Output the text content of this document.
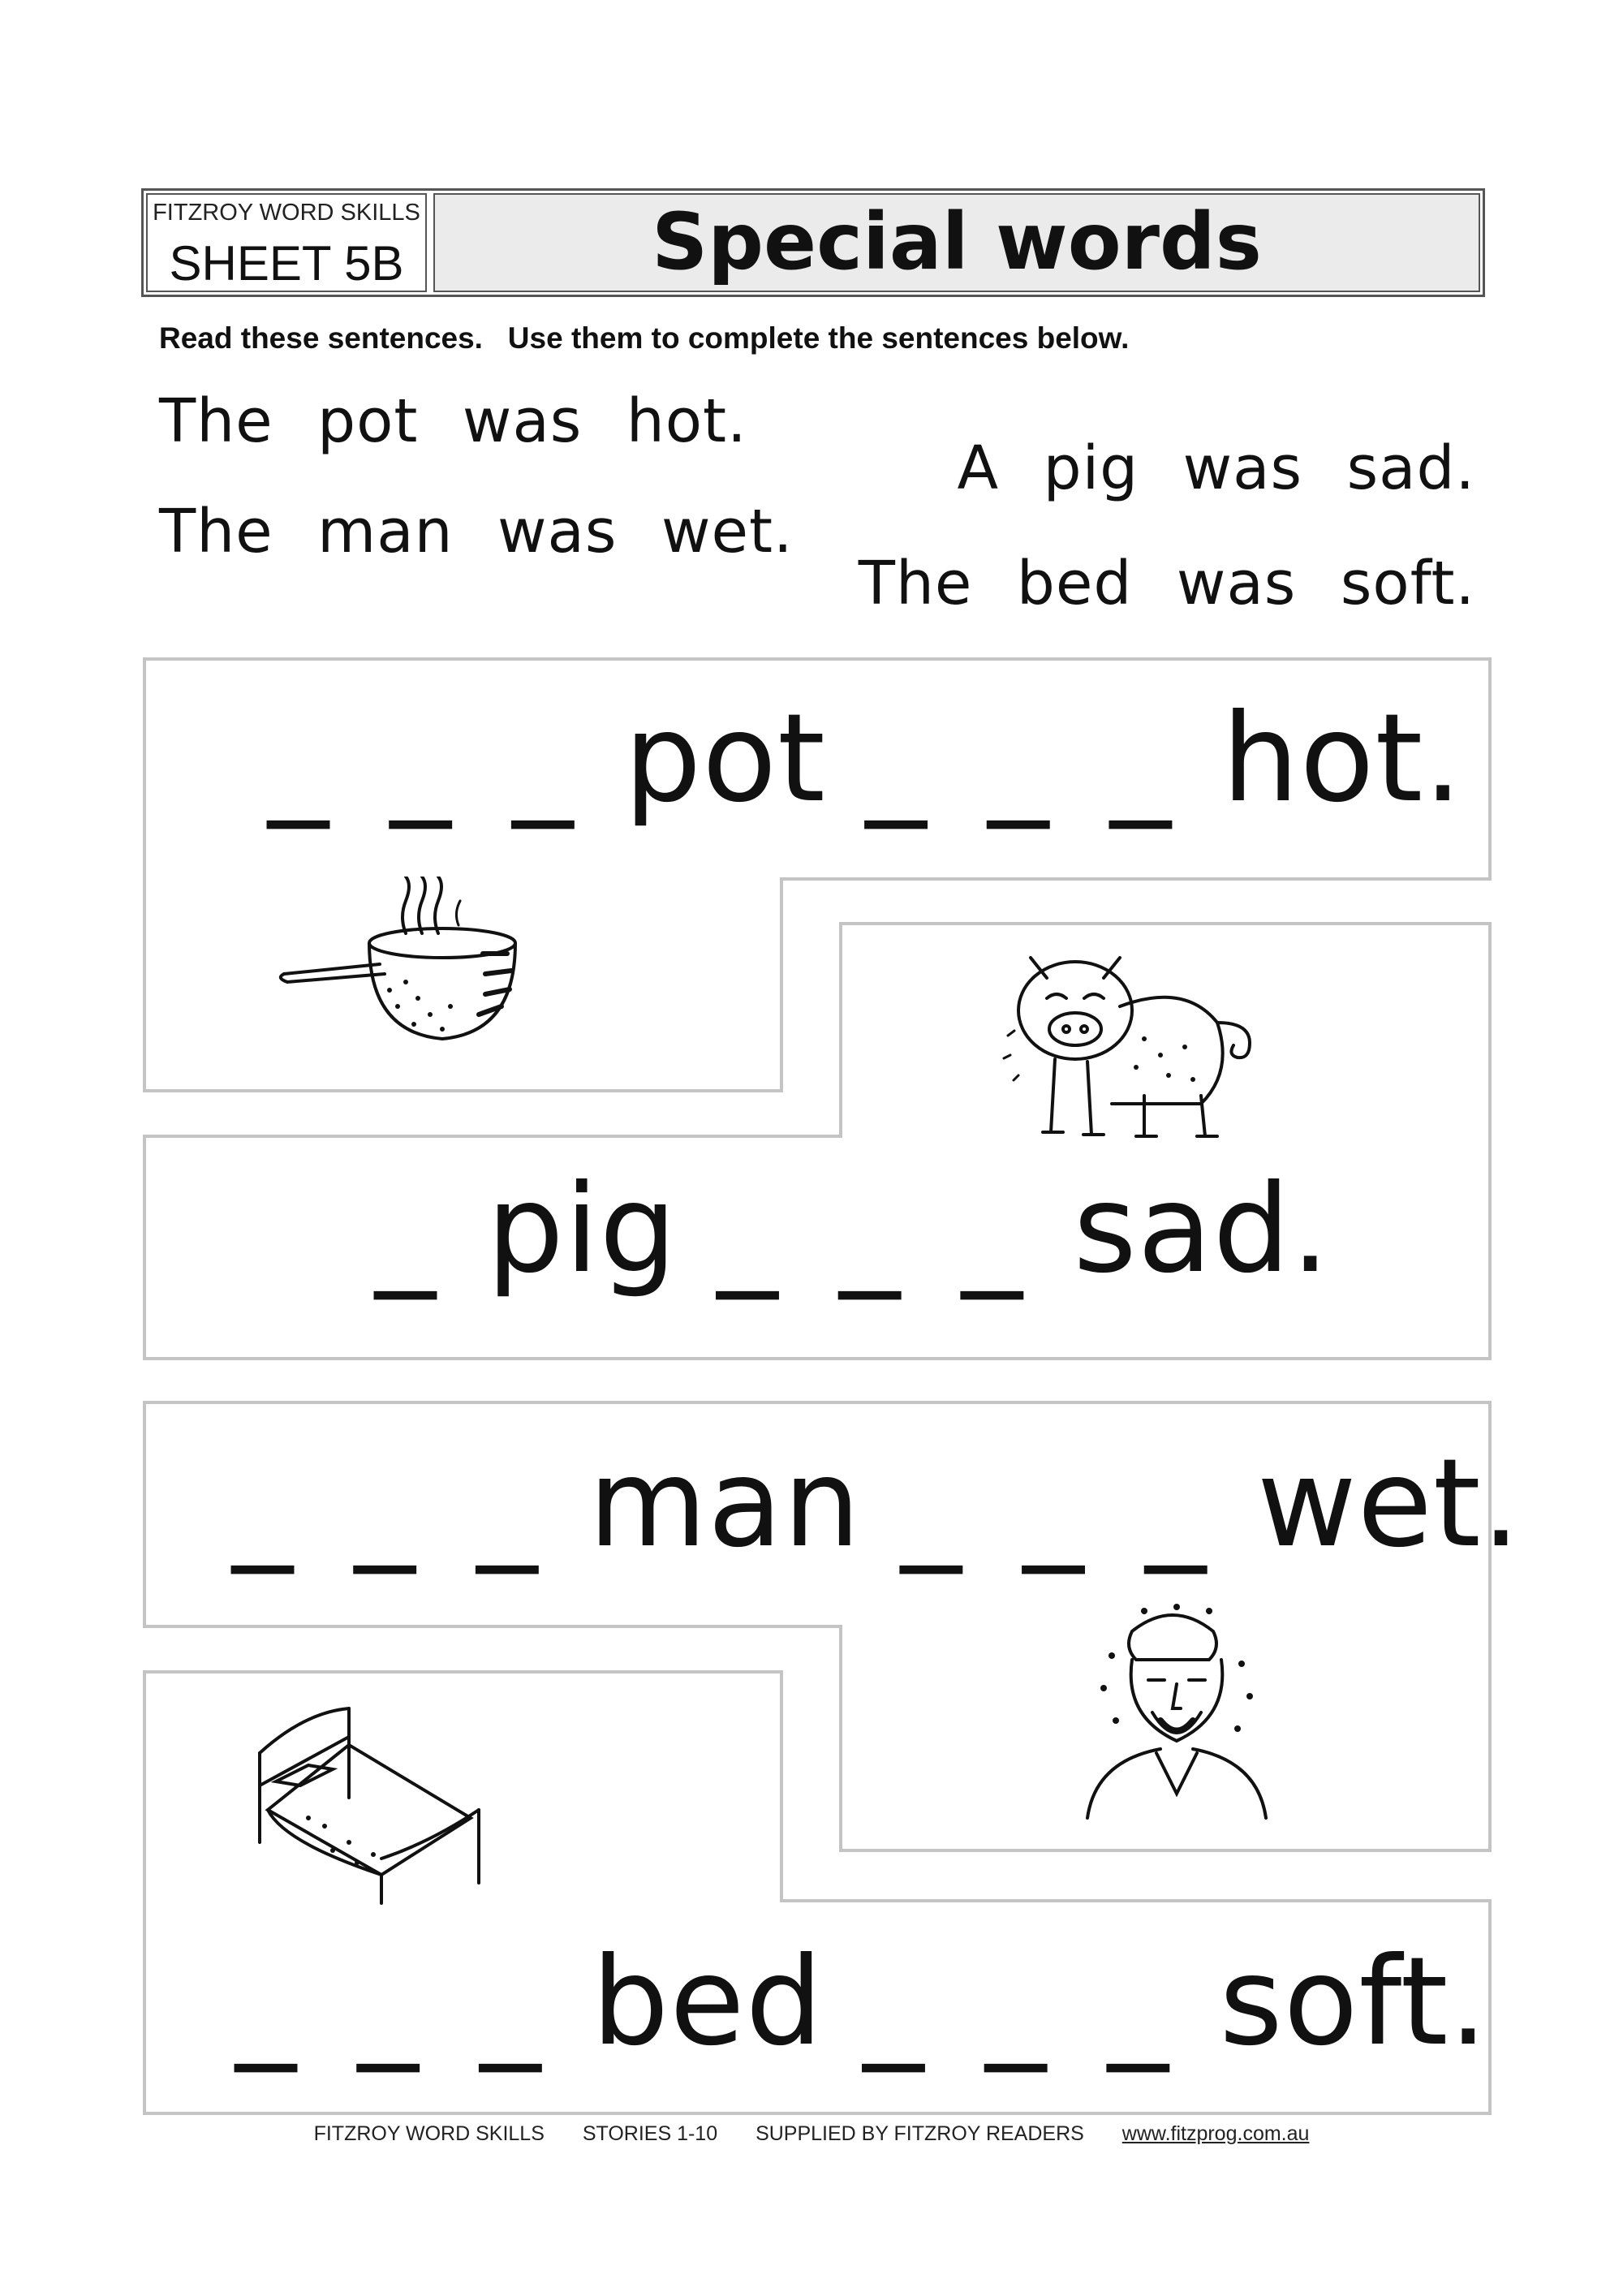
FITZROY WORD SKILLS
SHEET 5B	Special words
Read these sentences.   Use them to complete the sentences below.
The pot was hot.
The man was wet.
A pig was sad.
The bed was soft.
_ _ _ pot _ _ _ hot.
_ pig _ _ _ sad.
_ _ _ man _ _ _ wet.
_ _ _ bed _ _ _ soft.
FITZROY WORD SKILLS STORIES 1-10 SUPPLIED BY FITZROY READERS www.fitzprog.com.au
